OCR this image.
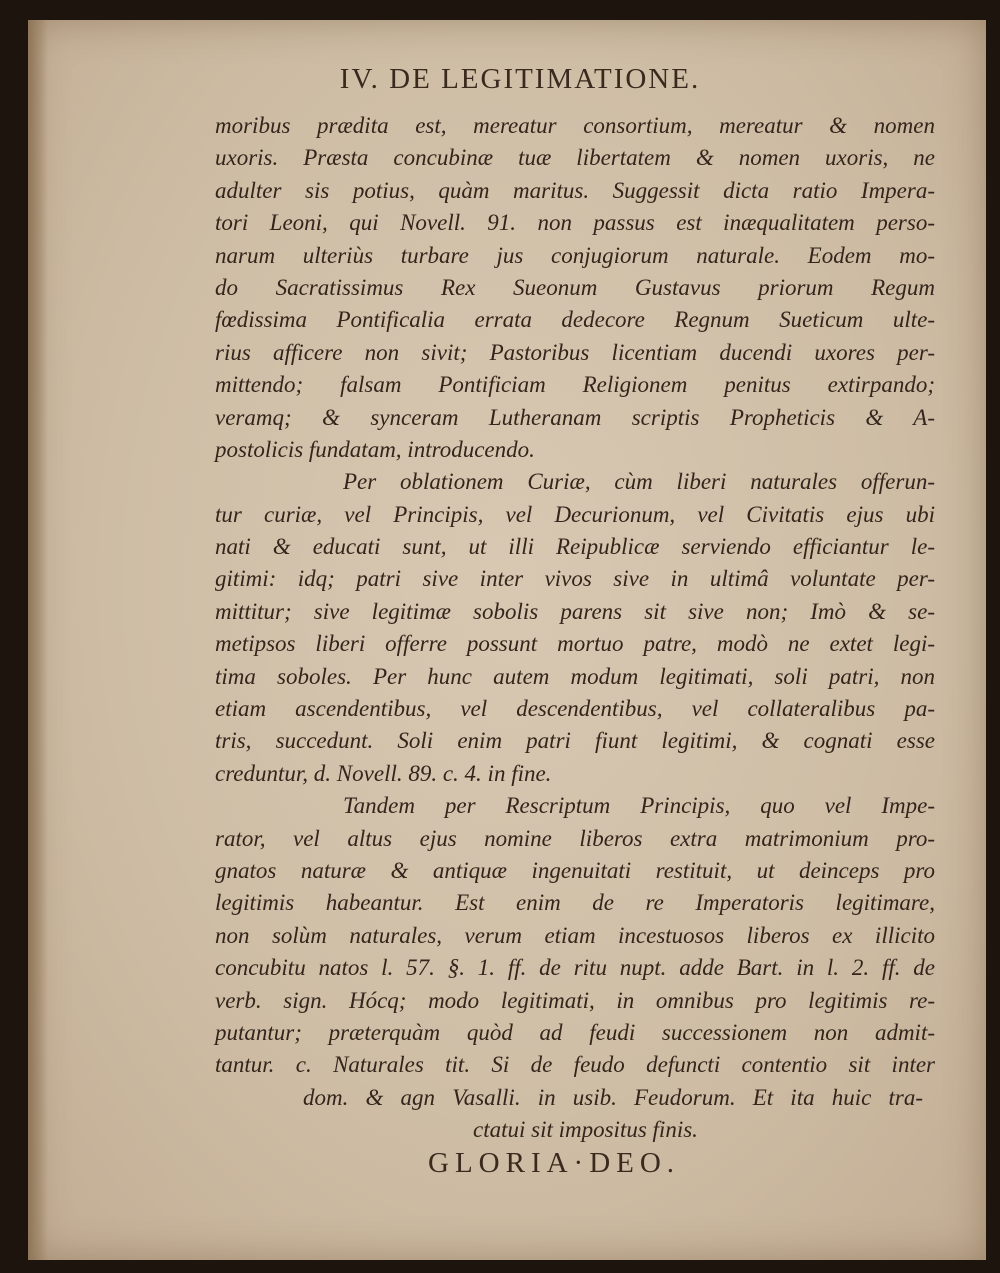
IV. DE LEGITIMATIONE.
moribus prædita est, mereatur consortium, mereatur & nomen
uxoris. Præsta concubinæ tuæ libertatem & nomen uxoris, ne
adulter sis potius, quàm maritus. Suggessit dicta ratio Impera-
tori Leoni, qui Novell. 91. non passus est inæqualitatem perso-
narum ulteriùs turbare jus conjugiorum naturale. Eodem mo-
do Sacratissimus Rex Sueonum Gustavus priorum Regum
fœdissima Pontificalia errata dedecore Regnum Sueticum ulte-
rius afficere non sivit; Pastoribus licentiam ducendi uxores per-
mittendo; falsam Pontificiam Religionem penitus extirpando;
veramq; & synceram Lutheranam scriptis Propheticis & A-
postolicis fundatam, introducendo.
Per oblationem Curiæ, cùm liberi naturales offerun-
tur curiæ, vel Principis, vel Decurionum, vel Civitatis ejus ubi
nati & educati sunt, ut illi Reipublicæ serviendo efficiantur le-
gitimi: idq; patri sive inter vivos sive in ultimâ voluntate per-
mittitur; sive legitimæ sobolis parens sit sive non; Imò & se-
metipsos liberi offerre possunt mortuo patre, modò ne extet legi-
tima soboles. Per hunc autem modum legitimati, soli patri, non
etiam ascendentibus, vel descendentibus, vel collateralibus pa-
tris, succedunt. Soli enim patri fiunt legitimi, & cognati esse
creduntur, d. Novell. 89. c. 4. in fine.
Tandem per Rescriptum Principis, quo vel Impe-
rator, vel altus ejus nomine liberos extra matrimonium pro-
gnatos naturæ & antiquæ ingenuitati restituit, ut deinceps pro
legitimis habeantur. Est enim de re Imperatoris legitimare,
non solùm naturales, verum etiam incestuosos liberos ex illicito
concubitu natos l. 57. §. 1. ff. de ritu nupt. adde Bart. in l. 2. ff. de
verb. sign. Hócq; modo legitimati, in omnibus pro legitimis re-
putantur; præterquàm quòd ad feudi successionem non admit-
tantur. c. Naturales tit. Si de feudo defuncti contentio sit inter
dom. & agn Vasalli. in usib. Feudorum. Et ita huic tra-
ctatui sit impositus finis.
GLORIA·DEO.
